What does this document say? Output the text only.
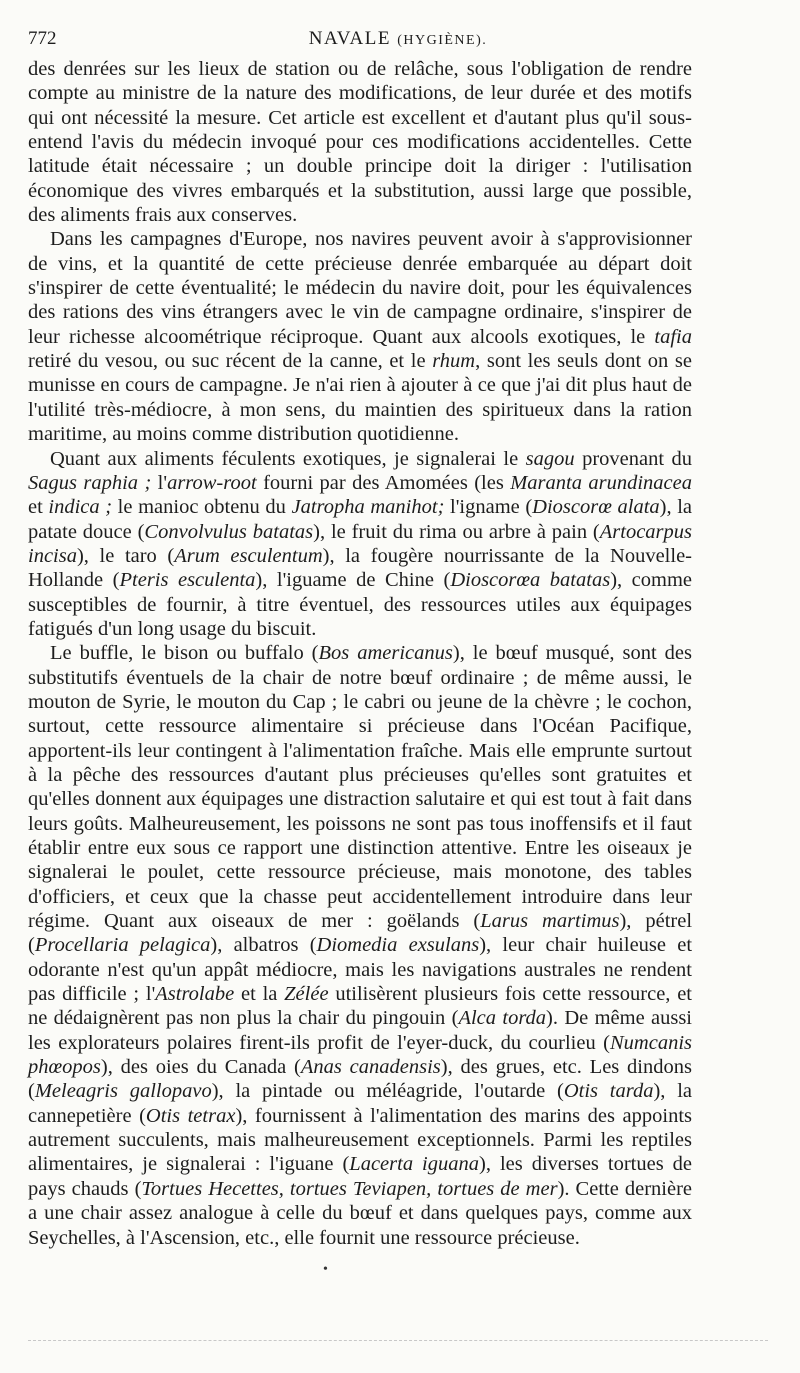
772	NAVALE (HYGIÈNE).

des denrées sur les lieux de station ou de relâche, sous l'obligation de rendre compte au ministre de la nature des modifications, de leur durée et des motifs qui ont nécessité la mesure. Cet article est excellent et d'autant plus qu'il sous-entend l'avis du médecin invoqué pour ces modifications accidentelles. Cette latitude était nécessaire ; un double principe doit la diriger : l'utilisation économique des vivres embarqués et la substitution, aussi large que possible, des aliments frais aux conserves.

Dans les campagnes d'Europe, nos navires peuvent avoir à s'approvisionner de vins, et la quantité de cette précieuse denrée embarquée au départ doit s'inspirer de cette éventualité; le médecin du navire doit, pour les équivalences des rations des vins étrangers avec le vin de campagne ordinaire, s'inspirer de leur richesse alcoométrique réciproque. Quant aux alcools exotiques, le tafia retiré du vesou, ou suc récent de la canne, et le rhum, sont les seuls dont on se munisse en cours de campagne. Je n'ai rien à ajouter à ce que j'ai dit plus haut de l'utilité très-médiocre, à mon sens, du maintien des spiritueux dans la ration maritime, au moins comme distribution quotidienne.

Quant aux aliments féculents exotiques, je signalerai le sagou provenant du Sagus raphia ; l'arrow-root fourni par des Amomées (les Maranta arundinacea et indica ; le manioc obtenu du Jatropha manihot; l'igname (Dioscorœ alata), la patate douce (Convolvulus batatas), le fruit du rima ou arbre à pain (Artocarpus incisa), le taro (Arum esculentum), la fougère nourrissante de la Nouvelle-Hollande (Pteris esculenta), l'iguame de Chine (Dioscorœa batatas), comme susceptibles de fournir, à titre éventuel, des ressources utiles aux équipages fatigués d'un long usage du biscuit.

Le buffle, le bison ou buffalo (Bos americanus), le bœuf musqué, sont des substitutifs éventuels de la chair de notre bœuf ordinaire ; de même aussi, le mouton de Syrie, le mouton du Cap ; le cabri ou jeune de la chèvre ; le cochon, surtout, cette ressource alimentaire si précieuse dans l'Océan Pacifique, apportent-ils leur contingent à l'alimentation fraîche. Mais elle emprunte surtout à la pêche des ressources d'autant plus précieuses qu'elles sont gratuites et qu'elles donnent aux équipages une distraction salutaire et qui est tout à fait dans leurs goûts. Malheureusement, les poissons ne sont pas tous inoffensifs et il faut établir entre eux sous ce rapport une distinction attentive. Entre les oiseaux je signalerai le poulet, cette ressource précieuse, mais monotone, des tables d'officiers, et ceux que la chasse peut accidentellement introduire dans leur régime. Quant aux oiseaux de mer : goëlands (Larus martimus), pétrel (Procellaria pelagica), albatros (Diomedia exsulans), leur chair huileuse et odorante n'est qu'un appât médiocre, mais les navigations australes ne rendent pas difficile ; l'Astrolabe et la Zélée utilisèrent plusieurs fois cette ressource, et ne dédaignèrent pas non plus la chair du pingouin (Alca torda). De même aussi les explorateurs polaires firent-ils profit de l'eyer-duck, du courlieu (Numcanis phœopos), des oies du Canada (Anas canadensis), des grues, etc. Les dindons (Meleagris gallopavo), la pintade ou méléagride, l'outarde (Otis tarda), la cannepetière (Otis tetrax), fournissent à l'alimentation des marins des appoints autrement succulents, mais malheureusement exceptionnels. Parmi les reptiles alimentaires, je signalerai : l'iguane (Lacerta iguana), les diverses tortues de pays chauds (Tortues Hecettes, tortues Teviapen, tortues de mer). Cette dernière a une chair assez analogue à celle du bœuf et dans quelques pays, comme aux Seychelles, à l'Ascension, etc., elle fournit une ressource précieuse.

•
